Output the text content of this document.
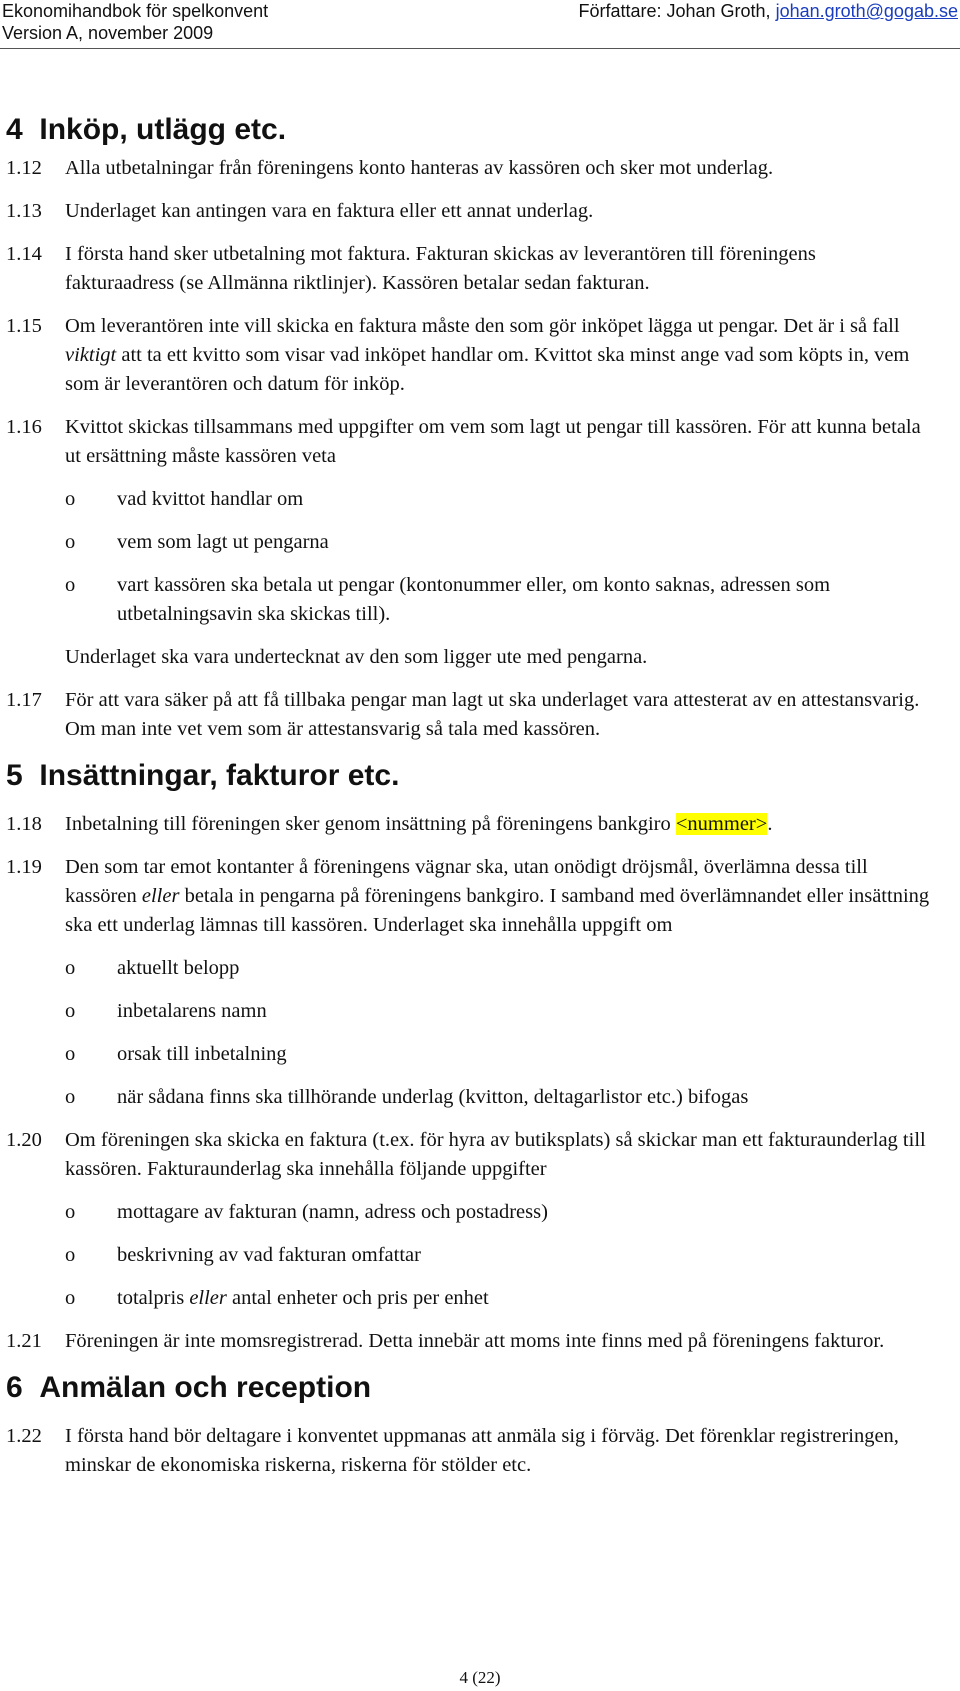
Ekonomihandbok för spelkonvent
Version A, november 2009
Författare: Johan Groth, johan.groth@gogab.se
4 Inköp, utlägg etc.
1.12	Alla utbetalningar från föreningens konto hanteras av kassören och sker mot underlag.
1.13	Underlaget kan antingen vara en faktura eller ett annat underlag.
1.14	I första hand sker utbetalning mot faktura. Fakturan skickas av leverantören till föreningens fakturaadress (se Allmänna riktlinjer). Kassören betalar sedan fakturan.
1.15	Om leverantören inte vill skicka en faktura måste den som gör inköpet lägga ut pengar. Det är i så fall viktigt att ta ett kvitto som visar vad inköpet handlar om. Kvittot ska minst ange vad som köpts in, vem som är leverantören och datum för inköp.
1.16	Kvittot skickas tillsammans med uppgifter om vem som lagt ut pengar till kassören. För att kunna betala ut ersättning måste kassören veta
o	vad kvittot handlar om
o	vem som lagt ut pengarna
o	vart kassören ska betala ut pengar (kontonummer eller, om konto saknas, adressen som utbetalningsavin ska skickas till).
Underlaget ska vara undertecknat av den som ligger ute med pengarna.
1.17	För att vara säker på att få tillbaka pengar man lagt ut ska underlaget vara attesterat av en attestansvarig. Om man inte vet vem som är attestansvarig så tala med kassören.
5 Insättningar, fakturor etc.
1.18	Inbetalning till föreningen sker genom insättning på föreningens bankgiro <nummer>.
1.19	Den som tar emot kontanter å föreningens vägnar ska, utan onödigt dröjsmål, överlämna dessa till kassören eller betala in pengarna på föreningens bankgiro. I samband med överlämnandet eller insättning ska ett underlag lämnas till kassören. Underlaget ska innehålla uppgift om
o	aktuellt belopp
o	inbetalarens namn
o	orsak till inbetalning
o	när sådana finns ska tillhörande underlag (kvitton, deltagarlistor etc.) bifogas
1.20	Om föreningen ska skicka en faktura (t.ex. för hyra av butiksplats) så skickar man ett fakturaunderlag till kassören. Fakturaunderlag ska innehålla följande uppgifter
o	mottagare av fakturan (namn, adress och postadress)
o	beskrivning av vad fakturan omfattar
o	totalpris eller antal enheter och pris per enhet
1.21	Föreningen är inte momsregistrerad. Detta innebär att moms inte finns med på föreningens fakturor.
6 Anmälan och reception
1.22	I första hand bör deltagare i konventet uppmanas att anmäla sig i förväg. Det förenklar registreringen, minskar de ekonomiska riskerna, riskerna för stölder etc.
4 (22)
